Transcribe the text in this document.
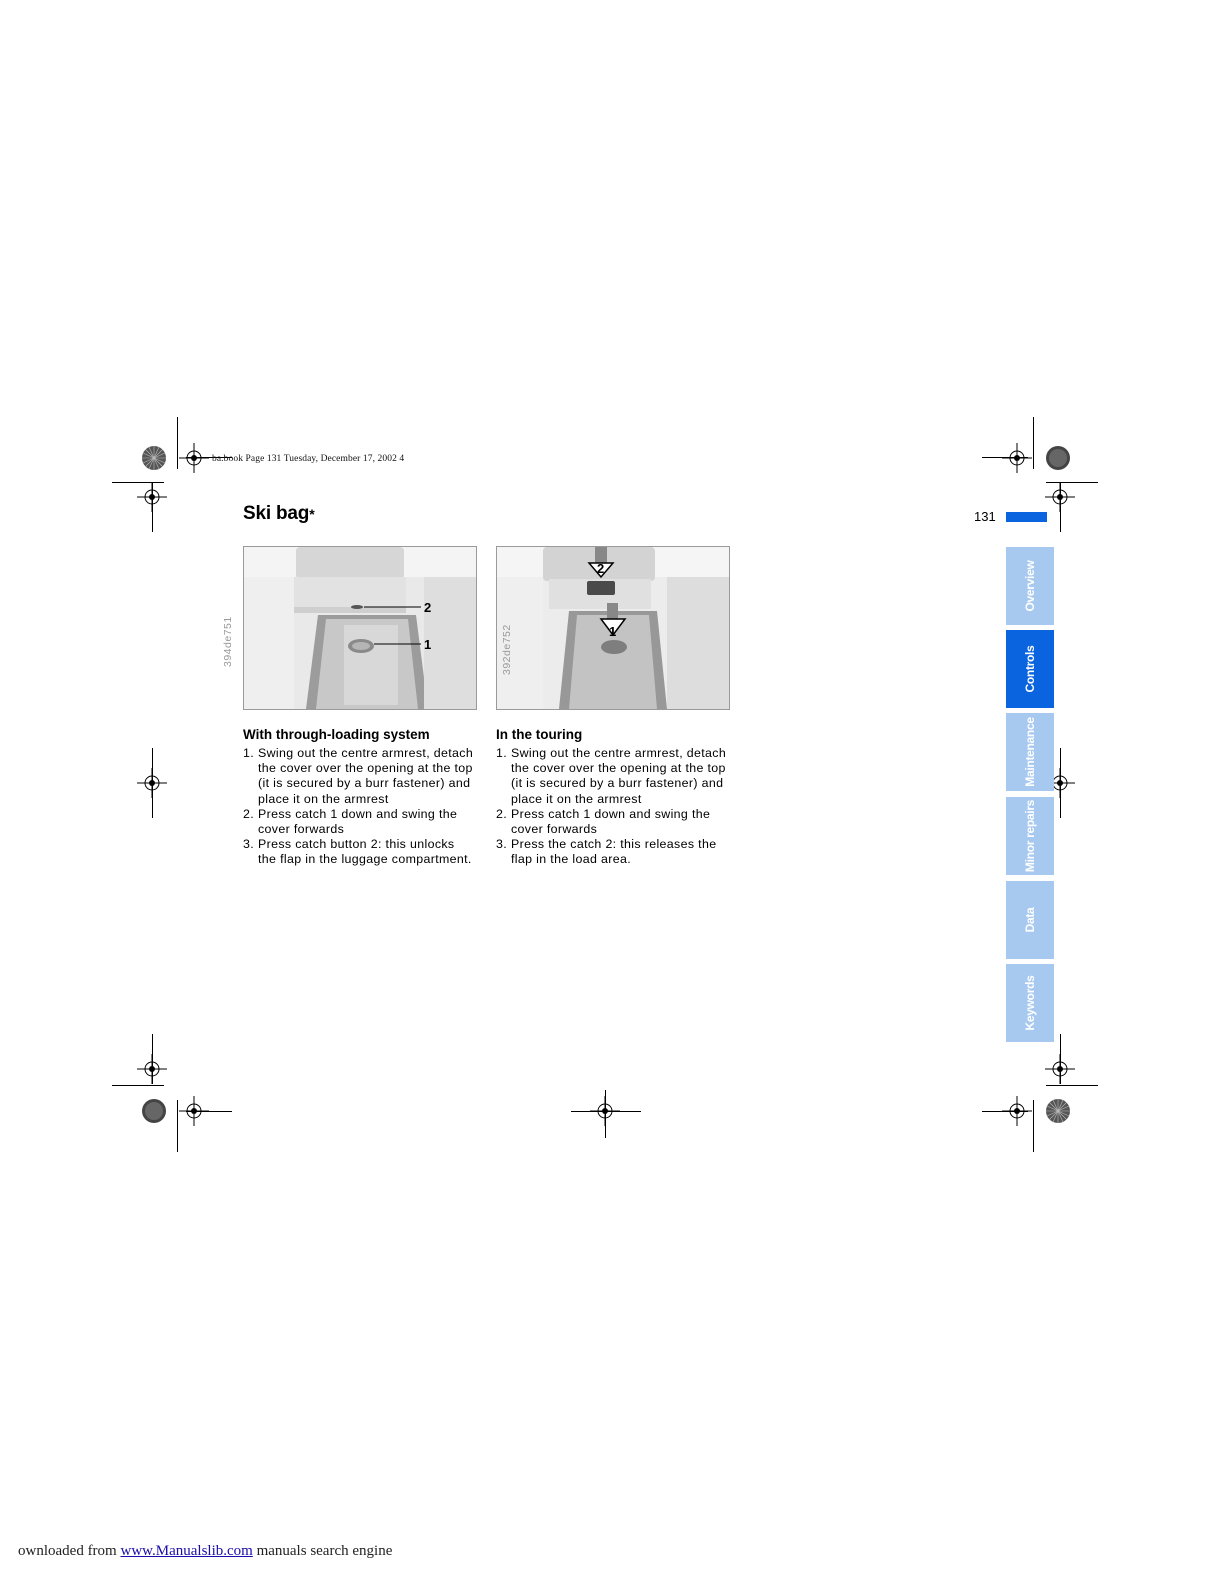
ba.book Page 131 Tuesday, December 17, 2002 4
131
Ski bag*
2
1
394de751
2
1
392de752
With through-loading system
1. Swing out the centre armrest, detach
the cover over the opening at the top
(it is secured by a burr fastener) and
place it on the armrest
2. Press catch 1 down and swing the
cover forwards
3. Press catch button 2: this unlocks
the flap in the luggage compartment.
In the touring
1. Swing out the centre armrest, detach
the cover over the opening at the top
(it is secured by a burr fastener) and
place it on the armrest
2. Press catch 1 down and swing the
cover forwards
3. Press the catch 2: this releases the
flap in the load area.
Overview
Controls
Maintenance
Minor repairs
Data
Keywords
ownloaded from www.Manualslib.com manuals search engine
